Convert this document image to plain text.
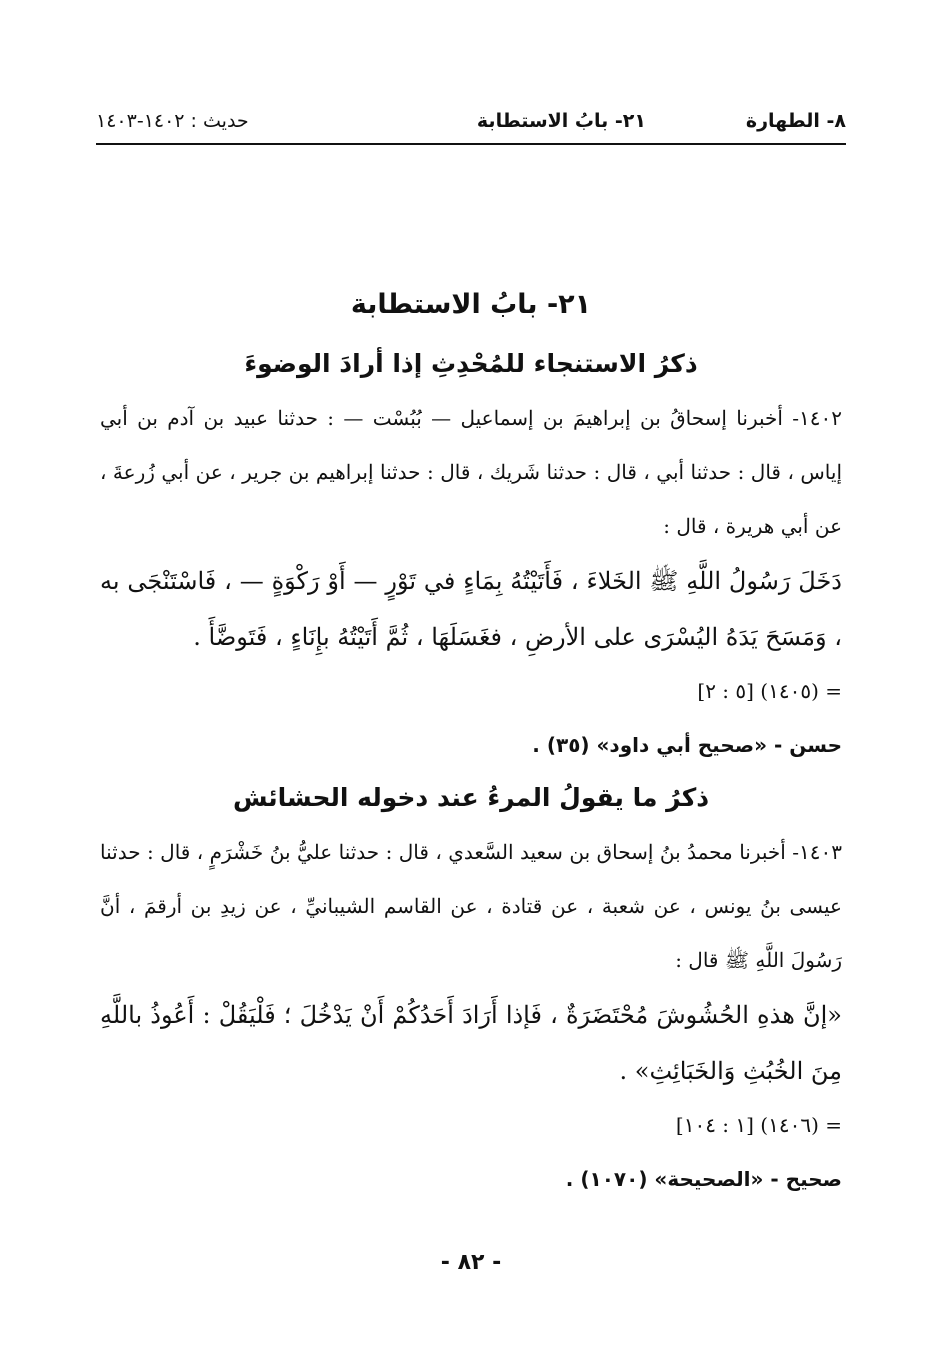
٨- الطهارة
٢١- بابُ الاستطابة
حديث : ١٤٠٢-١٤٠٣
٢١- بابُ الاستطابة
ذكرُ الاستنجاء للمُحْدِثِ إذا أرادَ الوضوءَ

١٤٠٢- أخبرنا إسحاقُ بن إبراهيمَ بن إسماعيل — بُبُسْت — : حدثنا عبيد بن آدم بن أبي إياس ، قال : حدثنا أبي ، قال : حدثنا شَريك ، قال : حدثنا إبراهيم بن جرير ، عن أبي زُرعةَ ، عن أبي هريرة ، قال :

دَخَلَ رَسُولُ اللَّهِ ﷺ الخَلاءَ ، فَأَتَيْتُهُ بِمَاءٍ في تَوْرٍ — أَوْ رَكْوَةٍ — ، فَاسْتَنْجَى به ، وَمَسَحَ يَدَهُ اليُسْرَى على الأرضِ ، فغَسَلَهَا ، ثُمَّ أَتَيْتُهُ بإِنَاءٍ ، فَتَوضَّأَ .

= (١٤٠٥) [٥ : ٢]

حسن - «صحيح أبي داود» (٣٥) .

ذكرُ ما يقولُ المرءُ عند دخوله الحشائش

١٤٠٣- أخبرنا محمدُ بنُ إسحاق بن سعيد السَّعدي ، قال : حدثنا عليُّ بنُ خَشْرَمٍ ، قال : حدثنا عيسى بنُ يونس ، عن شعبة ، عن قتادة ، عن القاسم الشيبانيِّ ، عن زيدِ بن أرقمَ ، أنَّ رَسُولَ اللَّهِ ﷺ قال :

«إنَّ هذهِ الحُشُوشَ مُحْتَضَرَةٌ ، فَإذا أَرَادَ أَحَدُكُمْ أَنْ يَدْخُلَ ؛ فَلْيَقُلْ : أَعُوذُ باللَّهِ مِنَ الخُبُثِ وَالخَبَائِثِ» .

= (١٤٠٦) [١ : ١٠٤]

صحيح - «الصحيحة» (١٠٧٠) .

- ٨٢ -
